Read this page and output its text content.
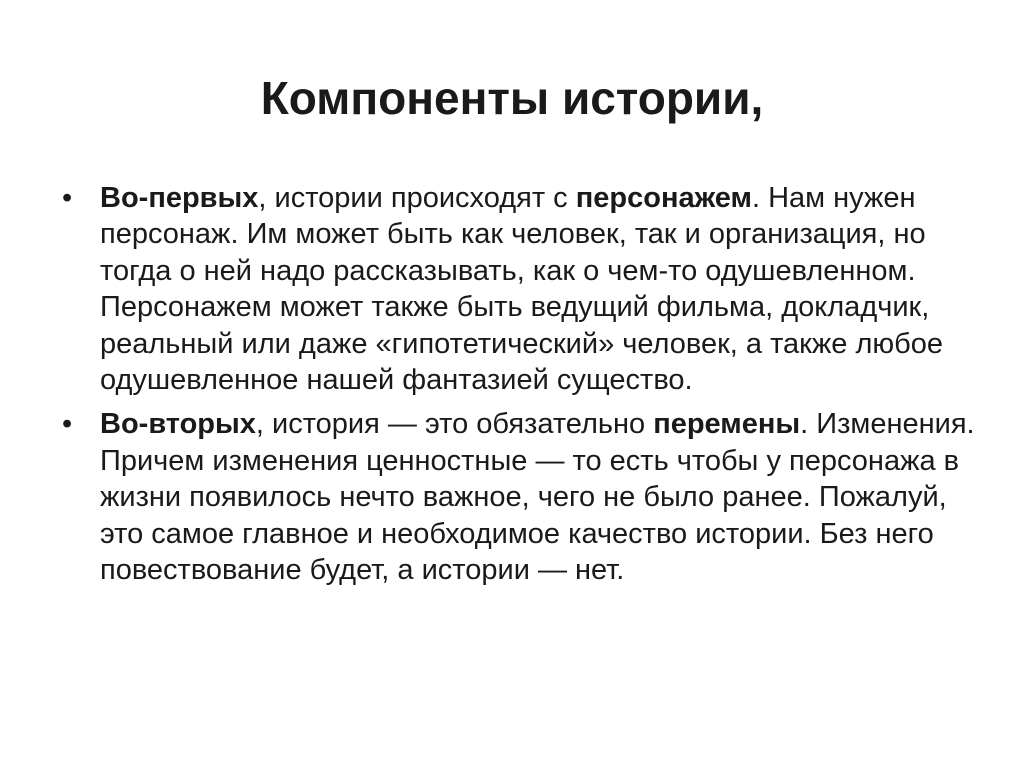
Компоненты истории,
• Во-первых, истории происходят с персонажем. Нам нужен персонаж. Им может быть как человек, так и организация, но тогда о ней надо рассказывать, как о чем-то одушевленном. Персонажем может также быть ведущий фильма, докладчик, реальный или даже «гипотетический» человек, а также любое одушевленное нашей фантазией существо.
• Во-вторых, история — это обязательно перемены. Изменения. Причем изменения ценностные — то есть чтобы у персонажа в жизни появилось нечто важное, чего не было ранее. Пожалуй, это самое главное и необходимое качество истории. Без него повествование будет, а истории — нет.
